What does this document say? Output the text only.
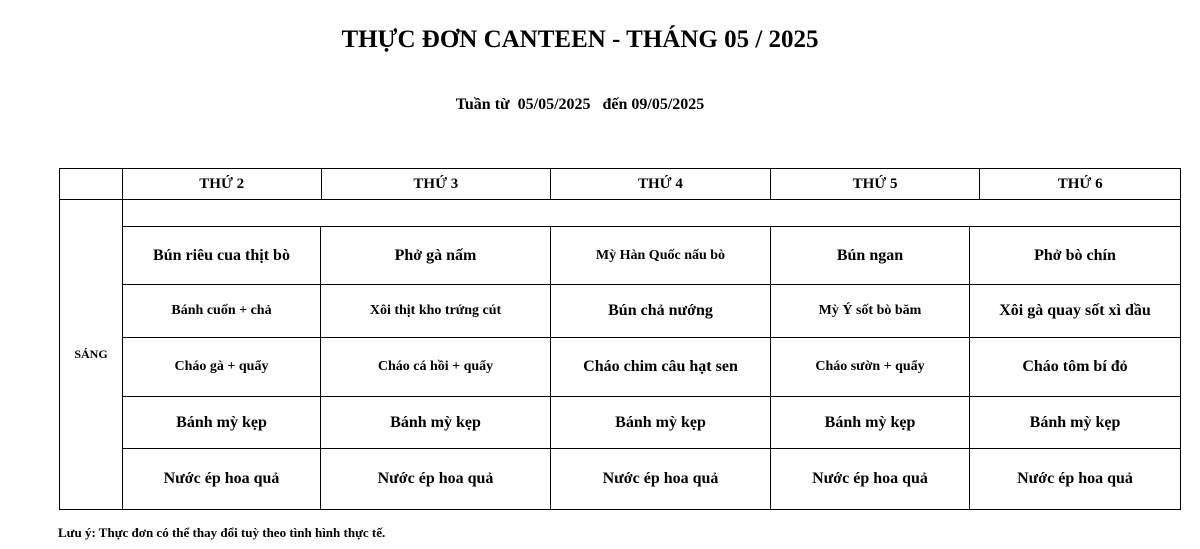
THỰC ĐƠN CANTEEN - THÁNG 05 / 2025
Tuần từ  05/05/2025   đến 09/05/2025
THỨ 2	THỨ 3	THỨ 4	THỨ 5	THỨ 6
SÁNG
Bún riêu cua thịt bò	Phở gà nấm	Mỳ Hàn Quốc nấu bò	Bún ngan	Phở bò chín
Bánh cuốn + chả	Xôi thịt kho trứng cút	Bún chả nướng	Mỳ Ý sốt bò băm	Xôi gà quay sốt xì dầu
Cháo gà + quẩy	Cháo cá hồi + quẩy	Cháo chim câu hạt sen	Cháo sườn + quẩy	Cháo tôm bí đỏ
Bánh mỳ kẹp	Bánh mỳ kẹp	Bánh mỳ kẹp	Bánh mỳ kẹp	Bánh mỳ kẹp
Nước ép hoa quả	Nước ép hoa quả	Nước ép hoa quả	Nước ép hoa quả	Nước ép hoa quả
Lưu ý: Thực đơn có thể thay đổi tuỳ theo tình hình thực tế.
